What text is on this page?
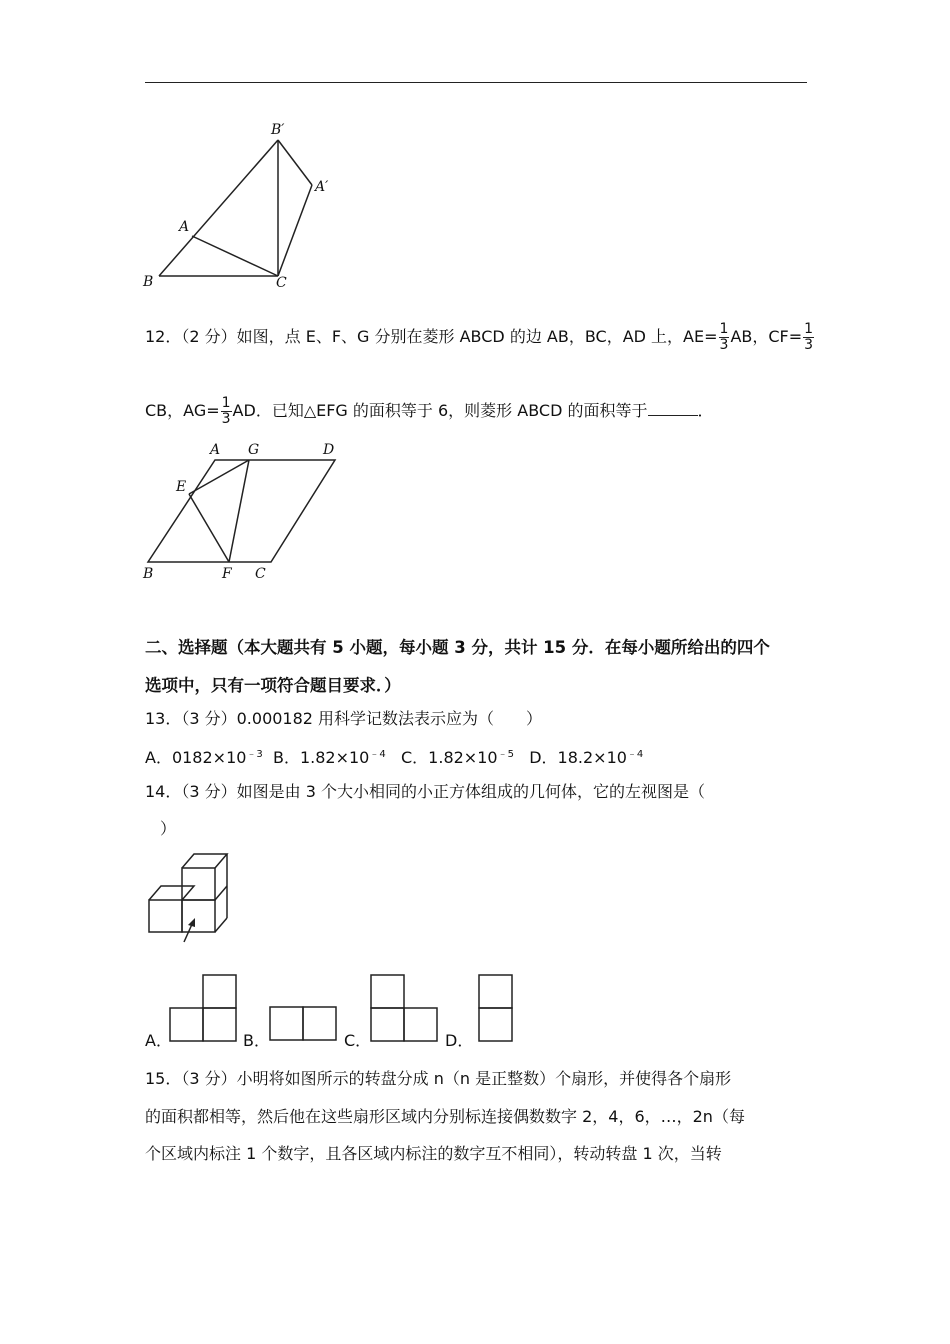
B′
A′
A
B	C
12．（2 分）如图，点 E、F、G 分别在菱形 ABCD 的边 AB，BC，AD 上，$AE= \frac{1}{3}$ AB，$CF= \frac{1}{3}$
CB，$AG= \frac{1}{3}$ AD．已知△EFG 的面积等于 6，则菱形 ABCD 的面积等于	．
A G	D
E
B	F C
二、选择题（本大题共有 5 小题，每小题 3 分，共计 15 分．在每小题所给出的四个
选项中，只有一项符合题目要求．）
13．（3 分）0.000182 用科学记数法表示应为（　　）
A．$0182\times 10^{﹣3}$ B．$1.82\times 10^{﹣4}$ C．$1.82\times 10^{﹣5}$ D．$18.2\times 10^{﹣4}$
14．（3 分）如图是由 3 个大小相同的小正方体组成的几何体，它的左视图是（
）
A．	B．	C．	D．
15．（3 分）小明将如图所示的转盘分成 n（n 是正整数）个扇形，并使得各个扇形
的面积都相等，然后他在这些扇形区域内分别标连接偶数数字 2，4，6，…，2n（每
个区域内标注 1 个数字，且各区域内标注的数字互不相同），转动转盘 1 次，当转
